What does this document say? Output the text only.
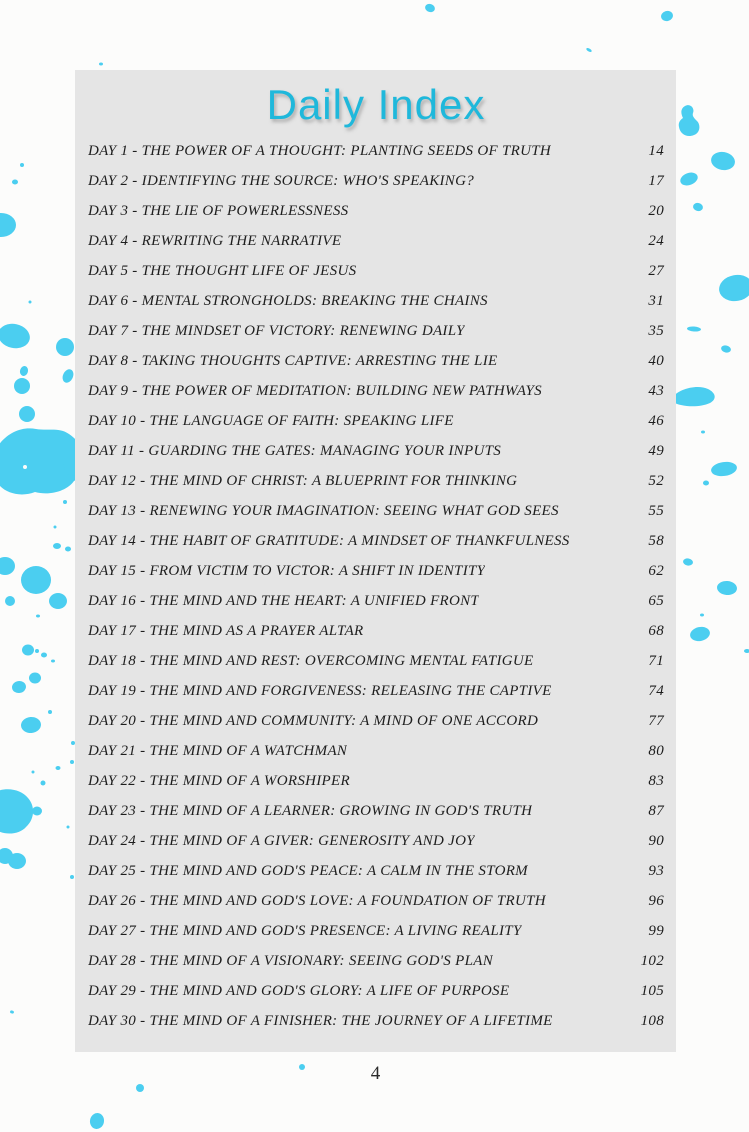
Daily Index
DAY 1 - THE POWER OF A THOUGHT: PLANTING SEEDS OF TRUTH	14
DAY 2 - IDENTIFYING THE SOURCE: WHO'S SPEAKING?	17
DAY 3 - THE LIE OF POWERLESSNESS	20
DAY 4 - REWRITING THE NARRATIVE	24
DAY 5 - THE THOUGHT LIFE OF JESUS	27
DAY 6 - MENTAL STRONGHOLDS: BREAKING THE CHAINS	31
DAY 7 - THE MINDSET OF VICTORY: RENEWING DAILY	35
DAY 8 - TAKING THOUGHTS CAPTIVE: ARRESTING THE LIE	40
DAY 9 - THE POWER OF MEDITATION: BUILDING NEW PATHWAYS	43
DAY 10 - THE LANGUAGE OF FAITH: SPEAKING LIFE	46
DAY 11 - GUARDING THE GATES: MANAGING YOUR INPUTS	49
DAY 12 - THE MIND OF CHRIST: A BLUEPRINT FOR THINKING	52
DAY 13 - RENEWING YOUR IMAGINATION: SEEING WHAT GOD SEES	55
DAY 14 - THE HABIT OF GRATITUDE: A MINDSET OF THANKFULNESS	58
DAY 15 - FROM VICTIM TO VICTOR: A SHIFT IN IDENTITY	62
DAY 16 - THE MIND AND THE HEART: A UNIFIED FRONT	65
DAY 17 - THE MIND AS A PRAYER ALTAR	68
DAY 18 - THE MIND AND REST: OVERCOMING MENTAL FATIGUE	71
DAY 19 - THE MIND AND FORGIVENESS: RELEASING THE CAPTIVE	74
DAY 20 - THE MIND AND COMMUNITY: A MIND OF ONE ACCORD	77
DAY 21 - THE MIND OF A WATCHMAN	80
DAY 22 - THE MIND OF A WORSHIPER	83
DAY 23 - THE MIND OF A LEARNER: GROWING IN GOD'S TRUTH	87
DAY 24 - THE MIND OF A GIVER: GENEROSITY AND JOY	90
DAY 25 - THE MIND AND GOD'S PEACE: A CALM IN THE STORM	93
DAY 26 - THE MIND AND GOD'S LOVE: A FOUNDATION OF TRUTH	96
DAY 27 - THE MIND AND GOD'S PRESENCE: A LIVING REALITY	99
DAY 28 - THE MIND OF A VISIONARY: SEEING GOD'S PLAN	102
DAY 29 - THE MIND AND GOD'S GLORY: A LIFE OF PURPOSE	105
DAY 30 - THE MIND OF A FINISHER: THE JOURNEY OF A LIFETIME	108
4
